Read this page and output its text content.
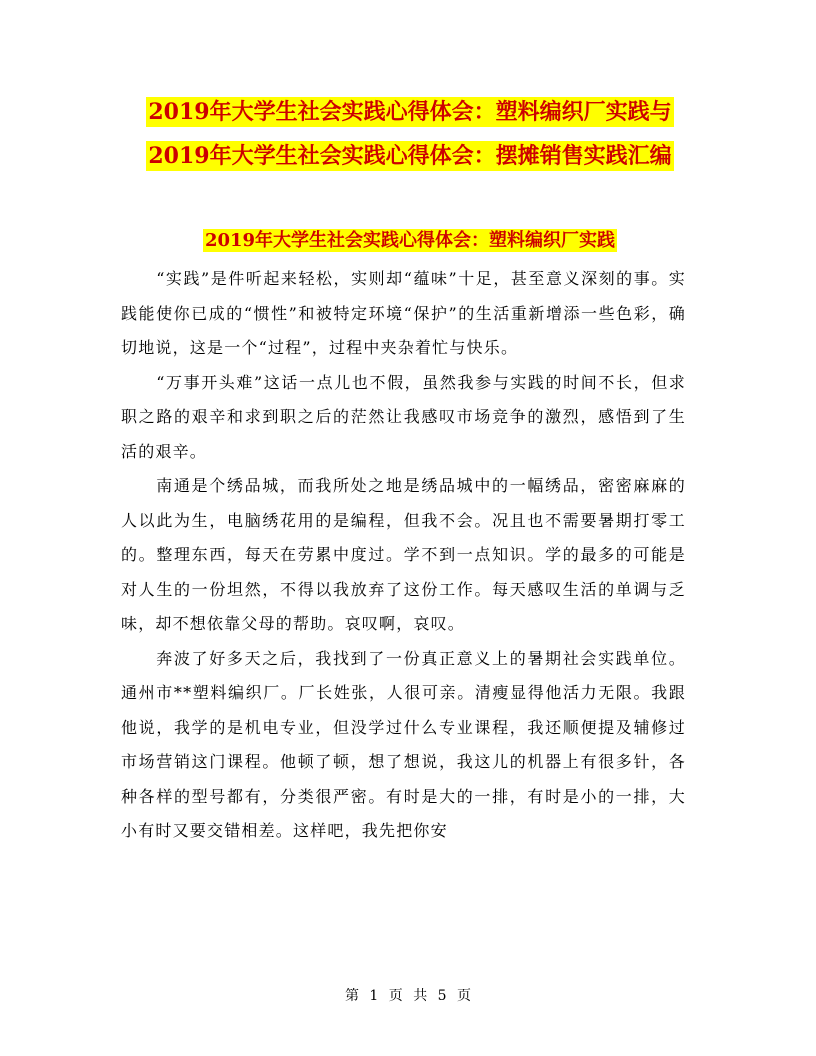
2019年大学生社会实践心得体会：塑料编织厂实践与
2019年大学生社会实践心得体会：摆摊销售实践汇编
2019年大学生社会实践心得体会：塑料编织厂实践

“实践”是件听起来轻松，实则却“蕴味”十足，甚至意义深刻的事。实践能使你已成的“惯性”和被特定环境“保护”的生活重新增添一些色彩，确切地说，这是一个“过程”，过程中夹杂着忙与快乐。

“万事开头难”这话一点儿也不假，虽然我参与实践的时间不长，但求职之路的艰辛和求到职之后的茫然让我感叹市场竞争的激烈，感悟到了生活的艰辛。

南通是个绣品城，而我所处之地是绣品城中的一幅绣品，密密麻麻的人以此为生，电脑绣花用的是编程，但我不会。况且也不需要暑期打零工的。整理东西，每天在劳累中度过。学不到一点知识。学的最多的可能是对人生的一份坦然，不得以我放弃了这份工作。每天感叹生活的单调与乏味，却不想依靠父母的帮助。哀叹啊，哀叹。

奔波了好多天之后，我找到了一份真正意义上的暑期社会实践单位。通州市**塑料编织厂。厂长姓张，人很可亲。清瘦显得他活力无限。我跟他说，我学的是机电专业，但没学过什么专业课程，我还顺便提及辅修过市场营销这门课程。他顿了顿，想了想说，我这儿的机器上有很多针，各种各样的型号都有，分类很严密。有时是大的一排，有时是小的一排，大小有时又要交错相差。这样吧，我先把你安

第 1 页 共 5 页
